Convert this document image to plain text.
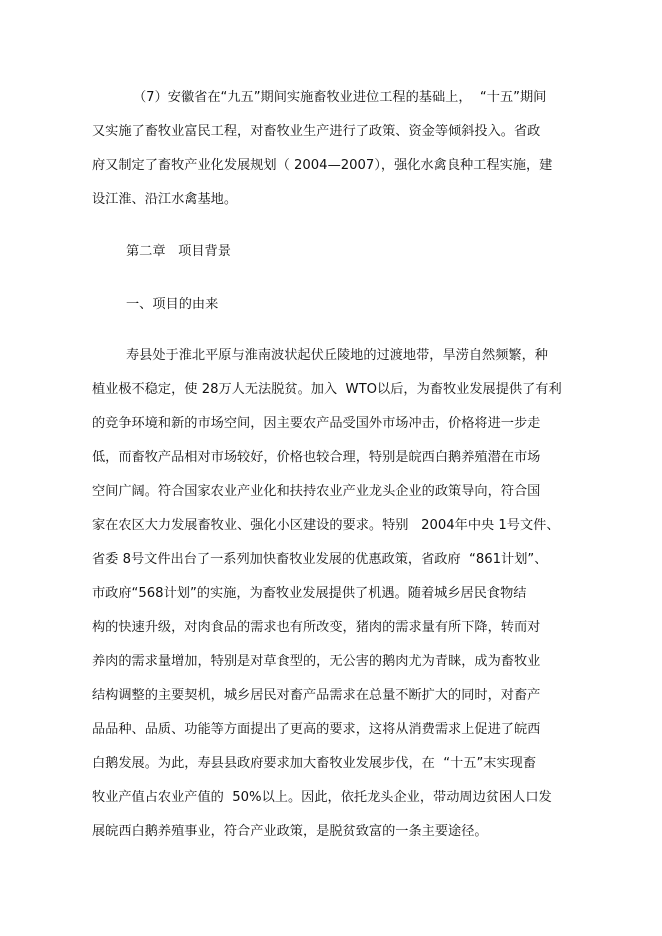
（7）安徽省在“九五”期间实施畜牧业进位工程的基础上，  “十五”期间
又实施了畜牧业富民工程，对畜牧业生产进行了政策、资金等倾斜投入。省政
府又制定了畜牧产业化发展规划（ 2004—2007），强化水禽良种工程实施，建
设江淮、沿江水禽基地。
第二章   项目背景
一、项目的由来
寿县处于淮北平原与淮南波状起伏丘陵地的过渡地带，旱涝自然频繁，种
植业极不稳定，使 28万人无法脱贫。加入  WTO以后，为畜牧业发展提供了有利
的竞争环境和新的市场空间，因主要农产品受国外市场冲击，价格将进一步走
低，而畜牧产品相对市场较好，价格也较合理，特别是皖西白鹅养殖潜在市场
空间广阔。符合国家农业产业化和扶持农业产业龙头企业的政策导向，符合国
家在农区大力发展畜牧业、强化小区建设的要求。特别   2004年中央 1号文件、
省委 8号文件出台了一系列加快畜牧业发展的优惠政策，省政府  “861计划”、
市政府“568计划”的实施，为畜牧业发展提供了机遇。随着城乡居民食物结
构的快速升级，对肉食品的需求也有所改变，猪肉的需求量有所下降，转而对
养肉的需求量增加，特别是对草食型的，无公害的鹅肉尤为青睐，成为畜牧业
结构调整的主要契机，城乡居民对畜产品需求在总量不断扩大的同时，对畜产
品品种、品质、功能等方面提出了更高的要求，这将从消费需求上促进了皖西
白鹅发展。为此，寿县县政府要求加大畜牧业发展步伐，在  “十五”末实现畜
牧业产值占农业产值的  50%以上。因此，依托龙头企业，带动周边贫困人口发
展皖西白鹅养殖事业，符合产业政策，是脱贫致富的一条主要途径。
